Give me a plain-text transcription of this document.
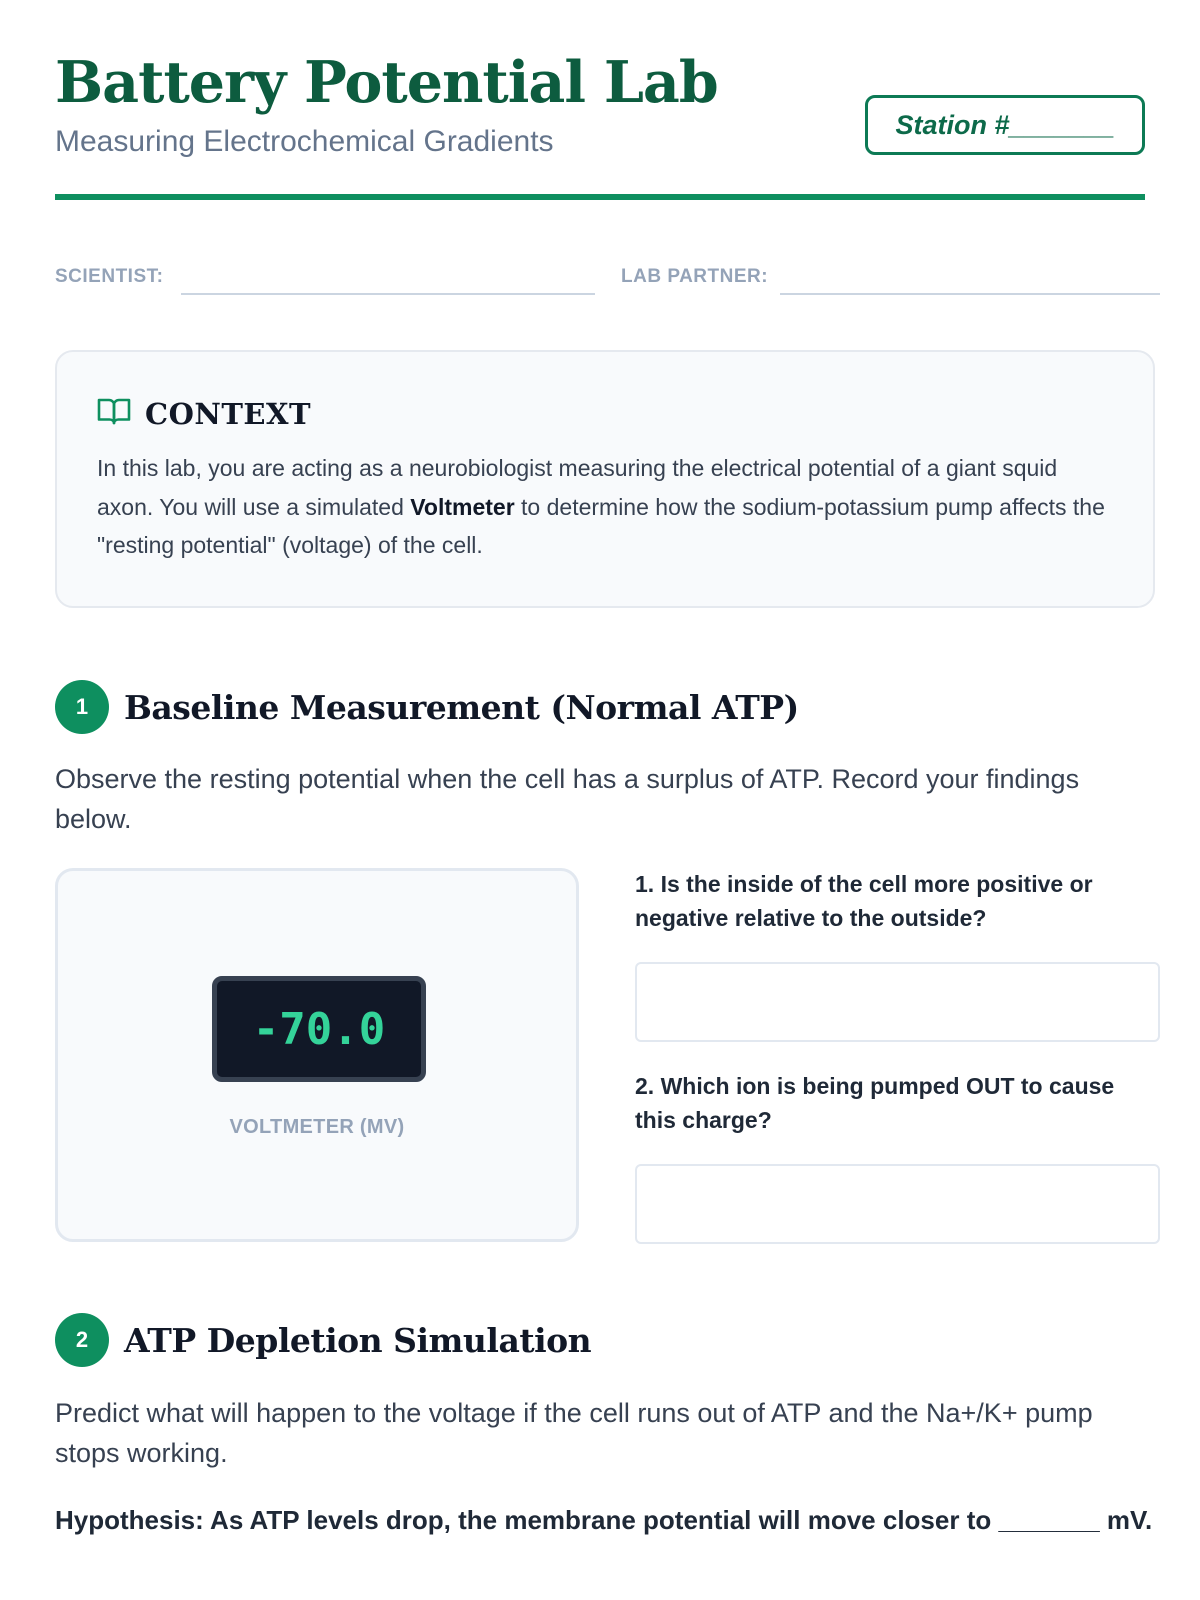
Battery Potential Lab
Measuring Electrochemical Gradients
Station #_______
SCIENTIST:	LAB PARTNER:
CONTEXT
In this lab, you are acting as a neurobiologist measuring the electrical potential of a giant squid axon. You will use a simulated Voltmeter to determine how the sodium-potassium pump affects the "resting potential" (voltage) of the cell.
1	Baseline Measurement (Normal ATP)
Observe the resting potential when the cell has a surplus of ATP. Record your findings below.
-70.0
VOLTMETER (MV)
1. Is the inside of the cell more positive or negative relative to the outside?
2. Which ion is being pumped OUT to cause this charge?
2	ATP Depletion Simulation
Predict what will happen to the voltage if the cell runs out of ATP and the Na+/K+ pump stops working.
Hypothesis: As ATP levels drop, the membrane potential will move closer to _______ mV.
